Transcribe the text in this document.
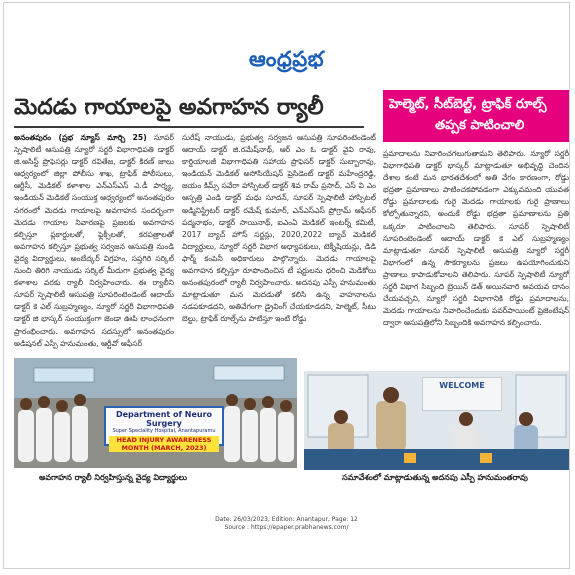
ఆంధ్రప్రభ
మెదడు గాయాలపై అవగాహన ర్యాలీ	హెల్మెట్, సీట్‌బెల్ట్, ట్రాఫిక్ రూల్స్
తప్పక పాటించాలి
అనంతపురం (ప్రభ న్యూస్ మార్చి 25) సూపర్ స్పెషాలిటీ ఆసుపత్రి న్యూరో సర్జరీ విభాగాధిపతి డాక్టర్ జి.అసిస్ట్ ప్రొఫెసర్లు డాక్టర్ రవితేజ, డాక్టర్ కిరణ్ జాలు ఆధ్వర్యంలో జిల్లా పోలీసు శాఖ, ట్రాఫిక్ పోలీసులు, ఆర్టీసీ, మెడికల్ కళాశాల ఎన్‌ఎస్‌ఎస్ ఎ.డీ పార్శ్య, ఇండియన్ మెడికల్ సంయుక్త ఆధ్వర్యంలో అనంతపురం నగరంలో మెదడు గాయాలపై అవగాహన సందర్భంగా మెదడు గాయాల నివారణపై ప్రజలకు అవగాహన కల్పిస్తూ ప్లకార్డులతో, ఫ్లెక్సీలతో, కరపత్రాలతో అవగాహన కల్పిస్తూ ప్రభుత్వ సర్వజన ఆసుపత్రి నుండి వైద్య విద్యార్థులు, అంబేద్కర్ విగ్రహం, సప్తగిరి సర్కిల్ నుంచి తిరిగి నాయుడు సర్కిల్ మీదుగా ప్రభుత్వ వైద్య కళాశాల వరకు ర్యాలీ నిర్వహించారు. ఈ ర్యాలీని సూపర్ స్పెషాలిటీ ఆసుపత్రి సూపరింటెండెంట్ ఆదాయ్ డాక్టర్ కె ఎల్ సుబ్రహ్మణ్యం, న్యూరో సర్జరీ విభాగాధిపతి డాక్టర్ జి భాస్కర్ సంయుక్తంగా జెండా ఊపి లాంఛనంగా ప్రారంభించారు. అవగాహన సదస్సులో అనంతపురం అడిషనల్ ఎస్పీ హనుమంతు, ఆర్టీవో ఆఫీసర్
సురేష్ నాయుడు, ప్రభుత్వ సర్వజన ఆసుపత్రి సూపరింటెండెంట్ ఆదాయ్ డాక్టర్ జి.రమేష్‌నాథ్, ఆర్ ఎం ఓ డాక్టర్ వైవి రావు, కార్డియాలజీ విభాగాధిపతి సహాయ ప్రొఫెసర్ డాక్టర్ సుబ్బారావు, ఇండియన్ మెడికల్ అసోసియేషన్ ప్రెసిడెంట్ డాక్టర్ మహేంద్రరెడ్డి, జయం కిమ్స్ సవేరా హాస్పిటల్ డాక్టర్ శివ రామ్ ప్రసాద్, ఎస్ వి ఎం ఆస్పత్రి ఎండి డాక్టర్ మధు సూదన్, సూపర్ స్పెషాలిటీ హాస్పిటల్ అడ్మినిస్ట్రేటర్ డాక్టర్ రమేష్ కుమార్, ఎన్‌ఎస్‌ఎస్ ప్రోగ్రామ్ ఆఫీసర్ పద్మనాభం, డాక్టర్ సాయినాథ్, ఐఎంఏ మెడికల్ ఇంటర్న్ కమిటీ, 2017 బ్యాచ్ హౌస్ సర్జన్లు, 2020,2022 బ్యాచ్ మెడికల్ విద్యార్థులు, న్యూరో సర్జరీ విభాగ అధ్యాపకులు, టెక్నీషియన్లు, డిడి ఫార్మ్ కంపెనీ అధికారులు పాల్గొన్నారు. మెదడు గాయాలపై అవగాహన కల్పిస్తూ రూపొందించిన టీ షర్టులను ధరించి మెడికోలు అనంతపురంలో ర్యాలీ నిర్వహించారు. అదనపు ఎస్పీ హనుమంతు మాట్లాడుతూ మన మెదడుతో కలిసి ఉన్న వాహనాలను నడపకూడదని, అతివేగంగా డ్రైవింగ్ చేయకూడదని, హెల్మెట్, సీటు బెల్టు, ట్రాఫిక్ రూల్స్‌ను పాటిస్తూ ఇంటి రోడ్డు
ప్రమాదాలను నివారించగలుగుతామని తెలిపారు. న్యూరో సర్జరీ విభాగాధిపతి డాక్టర్ భాస్కర్ మాట్లాడుతూ అభివృద్ధి చెందిన దేశాల కంటే మన భారతదేశంలో అతి వేగం కారణంగా, రోడ్డు భద్రతా ప్రమాణాలు పాటించకపోవడంగా ఎక్కువమంది యువత రోడ్డు ప్రమాదాలకు గురై మెదడు గాయాలకు గురై ప్రాణాలు కోల్పోతున్నారని, అందుకే రోడ్డు భద్రతా ప్రమాణాలను ప్రతి ఒక్కరూ పాటించాలని తెలిపారు. సూపర్ స్పెషాలిటీ సూపరింటెండెంట్ ఆదాయ్ డాక్టర్ కె ఎల్ సుబ్రహ్మణ్యం మాట్లాడుతూ సూపర్ స్పెషాలిటీ ఆసుపత్రి న్యూరో సర్జరీ విభాగంలో ఉన్న సౌకర్యాలను ప్రజలు ఉపయోగించుకుని ప్రాణాలు కాపాడుకోవాలని తెలిపారు. సూపర్ స్పెషాలిటీ న్యూరో సర్జరీ విభాగ సిబ్బంది బ్రెయిన్ డెత్ అయినవారి అవయవ దానం చేయవచ్చని, న్యూరో సర్జరీ విభాగానికి రోడ్డు ప్రమాదాలను, మెదడు గాయాలను నివారించేందుకు పవర్‌పాయింట్ ప్రెజెంటేషన్ ద్వారా ఆసుపత్రిలోని సిబ్బందికి అవగాహన కల్పించారు.
Department of Neuro Surgery
Super Speciality Hospital, Anantapuramu
HEAD INJURY AWARENESS MONTH (MARCH, 2023)
WELCOME
అవగాహన ర్యాలీ నిర్వహిస్తున్న వైద్య విద్యార్థులు	సమావేశంలో మాట్లాడుతున్న అదనపు ఎస్పీ హనుమంతరావు
Date: 26/03/2023, Edition: Anantapur, Page: 12
Source : https://epaper.prabhanews.com/
